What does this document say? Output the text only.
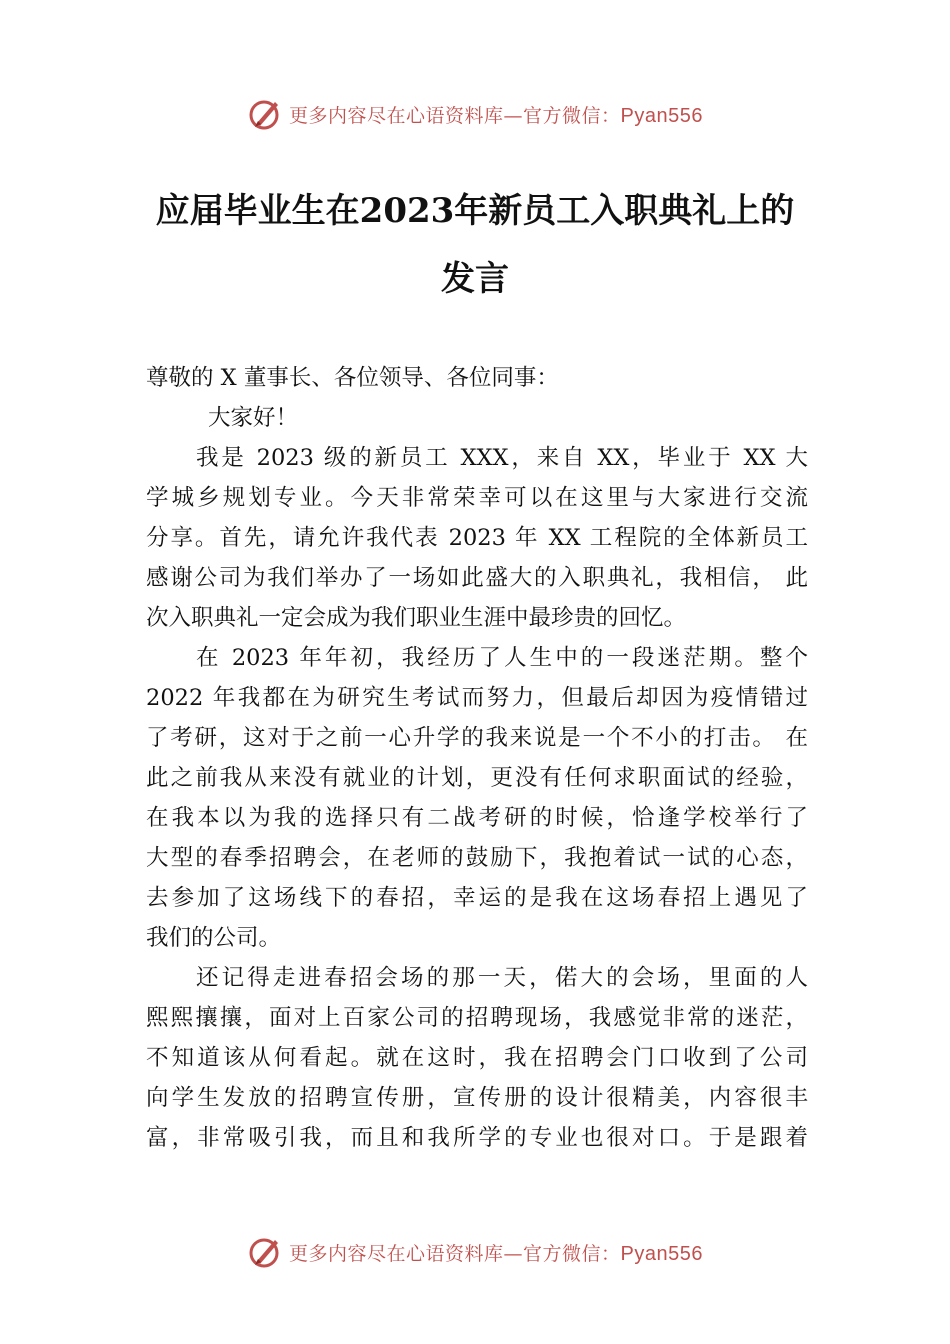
更多内容尽在心语资料库—官方微信：Pyan556
应届毕业生在2023年新员工入职典礼上的
发言
尊敬的 X 董事长、各位领导、各位同事：
大家好！
我是 2023 级的新员工 XXX，来自 XX，毕业于 XX 大
学城乡规划专业。今天非常荣幸可以在这里与大家进行交流
分享。首先，请允许我代表 2023 年 XX 工程院的全体新员工
感谢公司为我们举办了一场如此盛大的入职典礼，我相信， 此
次入职典礼一定会成为我们职业生涯中最珍贵的回忆。
在 2023 年年初，我经历了人生中的一段迷茫期。整个
2022 年我都在为研究生考试而努力，但最后却因为疫情错过
了考研，这对于之前一心升学的我来说是一个不小的打击。 在
此之前我从来没有就业的计划，更没有任何求职面试的经验，
在我本以为我的选择只有二战考研的时候，恰逢学校举行了
大型的春季招聘会，在老师的鼓励下，我抱着试一试的心态，
去参加了这场线下的春招，幸运的是我在这场春招上遇见了
我们的公司。
还记得走进春招会场的那一天，偌大的会场，里面的人
熙熙攘攘，面对上百家公司的招聘现场，我感觉非常的迷茫，
不知道该从何看起。就在这时，我在招聘会门口收到了公司
向学生发放的招聘宣传册，宣传册的设计很精美，内容很丰
富，非常吸引我，而且和我所学的专业也很对口。于是跟着
更多内容尽在心语资料库—官方微信：Pyan556
